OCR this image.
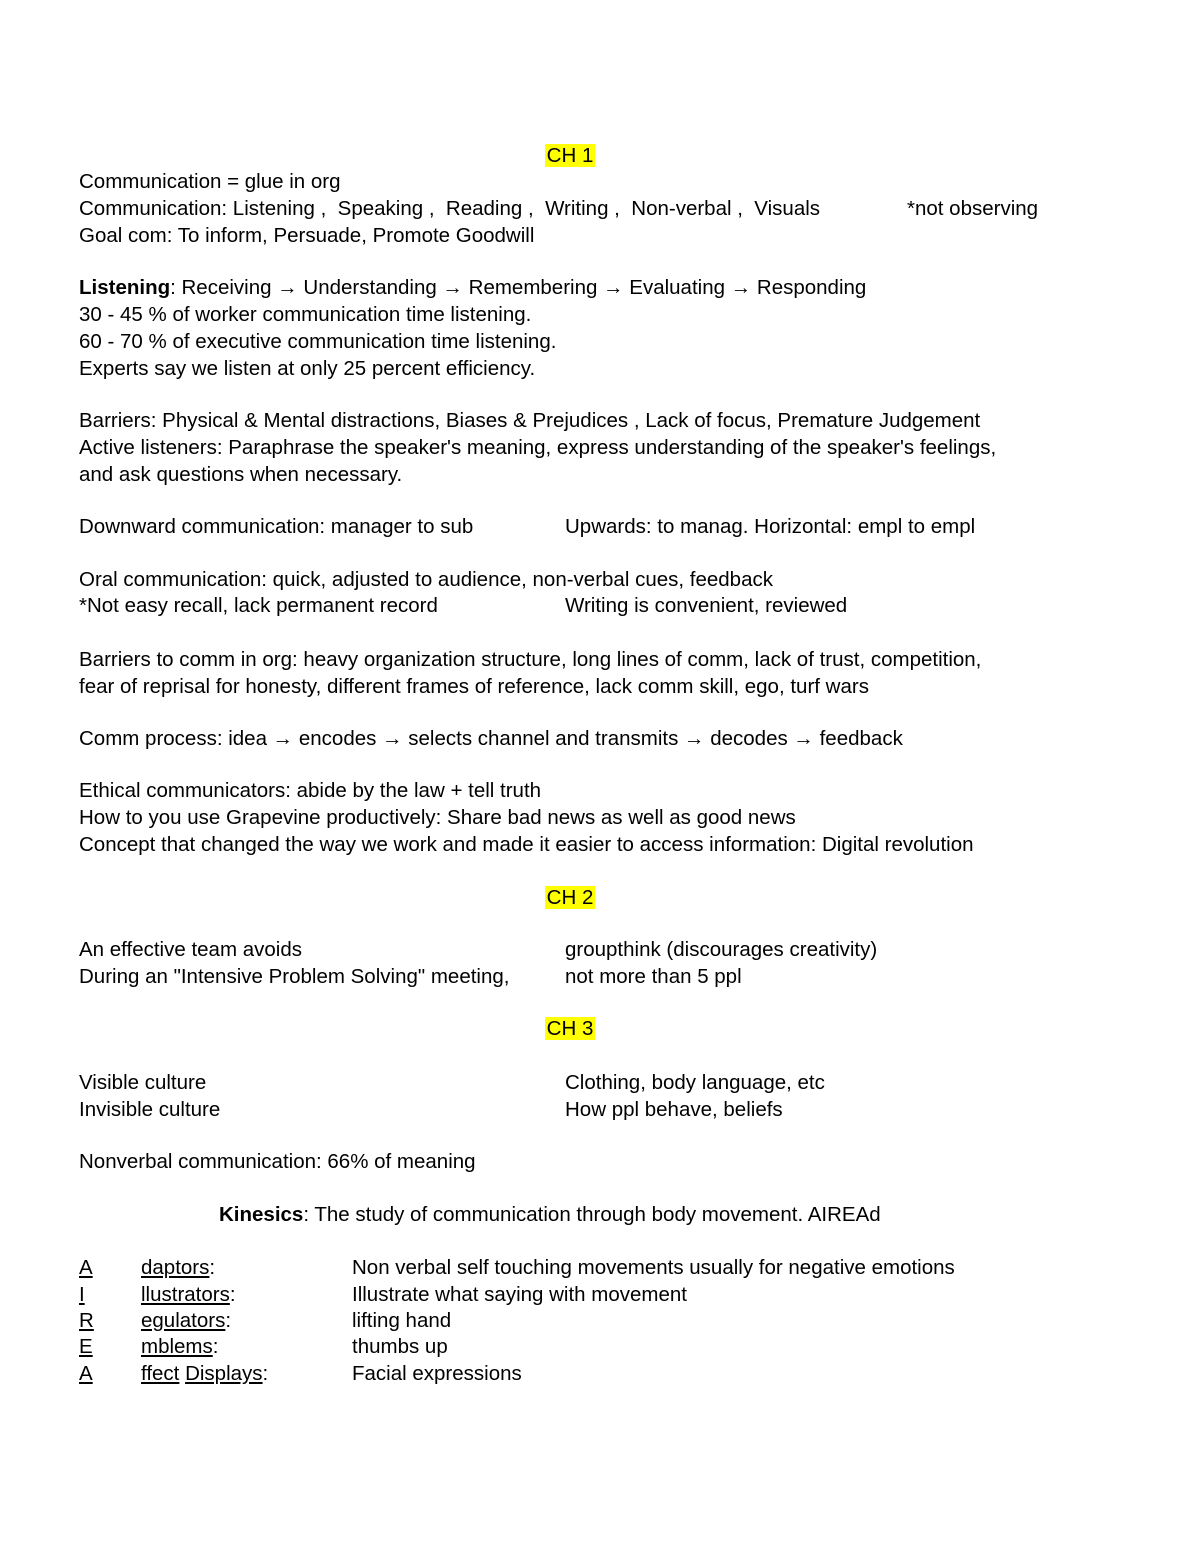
CH 1
Communication = glue in org
Communication: Listening ,  Speaking ,  Reading ,  Writing ,  Non-verbal ,  Visuals	*not observing
Goal com: To inform, Persuade, Promote Goodwill
Listening: Receiving → Understanding → Remembering → Evaluating → Responding
30 - 45 % of worker communication time listening.
60 - 70 % of executive communication time listening.
Experts say we listen at only 25 percent efficiency.
Barriers: Physical & Mental distractions, Biases & Prejudices , Lack of focus, Premature Judgement
Active listeners: Paraphrase the speaker's meaning, express understanding of the speaker's feelings,
and ask questions when necessary.
Downward communication: manager to sub	Upwards: to manag. Horizontal: empl to empl
Oral communication: quick, adjusted to audience, non-verbal cues, feedback
*Not easy recall, lack permanent record	Writing is convenient, reviewed
Barriers to comm in org: heavy organization structure, long lines of comm, lack of trust, competition,
fear of reprisal for honesty, different frames of reference, lack comm skill, ego, turf wars
Comm process: idea → encodes → selects channel and transmits → decodes → feedback
Ethical communicators: abide by the law + tell truth
How to you use Grapevine productively: Share bad news as well as good news
Concept that changed the way we work and made it easier to access information: Digital revolution
CH 2
An effective team avoids	groupthink (discourages creativity)
During an "Intensive Problem Solving" meeting,	not more than 5 ppl
CH 3
Visible culture	Clothing, body language, etc
Invisible culture	How ppl behave, beliefs
Nonverbal communication: 66% of meaning
Kinesics: The study of communication through body movement. AIREAd
A daptors:	Non verbal self touching movements usually for negative emotions
I	llustrators:	Illustrate what saying with movement
R egulators:	lifting hand
E mblems:	thumbs up
A ffect Displays:	Facial expressions
